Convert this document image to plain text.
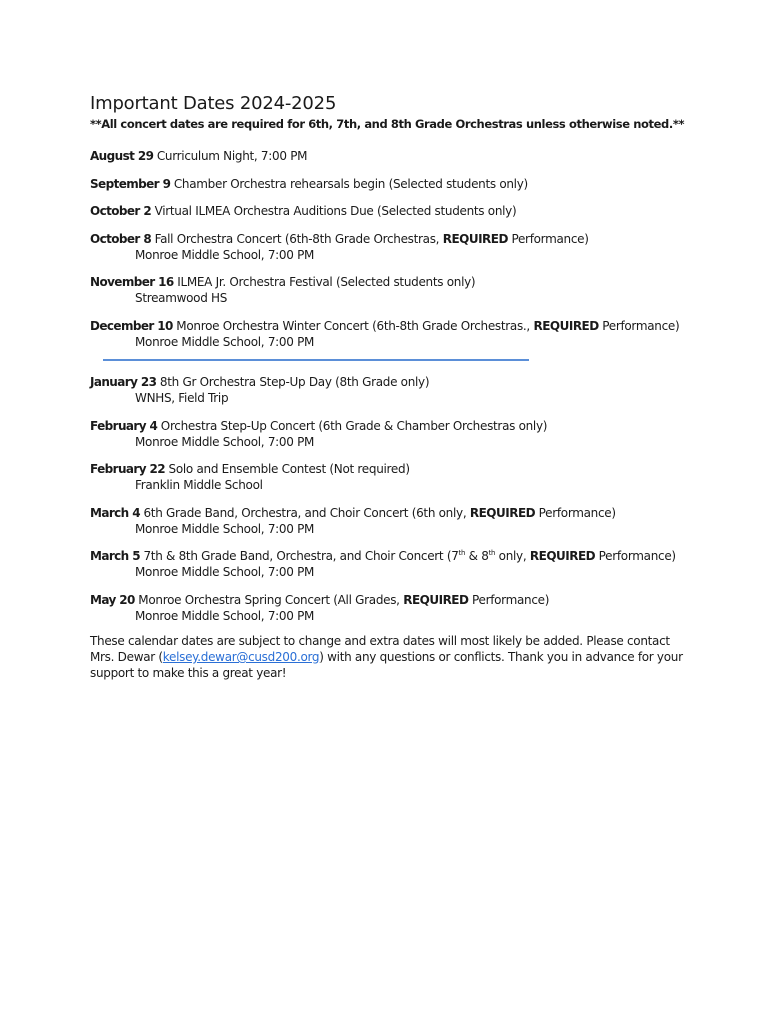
Important Dates 2024-2025

**All concert dates are required for 6th, 7th, and 8th Grade Orchestras unless otherwise noted.**

August 29 Curriculum Night, 7:00 PM
September 9 Chamber Orchestra rehearsals begin (Selected students only)
October 2 Virtual ILMEA Orchestra Auditions Due (Selected students only)
October 8 Fall Orchestra Concert (6th-8th Grade Orchestras, REQUIRED Performance)
Monroe Middle School, 7:00 PM
November 16 ILMEA Jr. Orchestra Festival (Selected students only)
Streamwood HS
December 10 Monroe Orchestra Winter Concert (6th-8th Grade Orchestras., REQUIRED Performance)
Monroe Middle School, 7:00 PM
January 23 8th Gr Orchestra Step-Up Day (8th Grade only)
WNHS, Field Trip
February 4 Orchestra Step-Up Concert (6th Grade & Chamber Orchestras only)
Monroe Middle School, 7:00 PM
February 22 Solo and Ensemble Contest (Not required)
Franklin Middle School
March 4 6th Grade Band, Orchestra, and Choir Concert (6th only, REQUIRED Performance)
Monroe Middle School, 7:00 PM
March 5 7th & 8th Grade Band, Orchestra, and Choir Concert (7th & 8th only, REQUIRED Performance)
Monroe Middle School, 7:00 PM
May 20 Monroe Orchestra Spring Concert (All Grades, REQUIRED Performance)
Monroe Middle School, 7:00 PM

These calendar dates are subject to change and extra dates will most likely be added. Please contact Mrs. Dewar (kelsey.dewar@cusd200.org) with any questions or conflicts. Thank you in advance for your support to make this a great year!
